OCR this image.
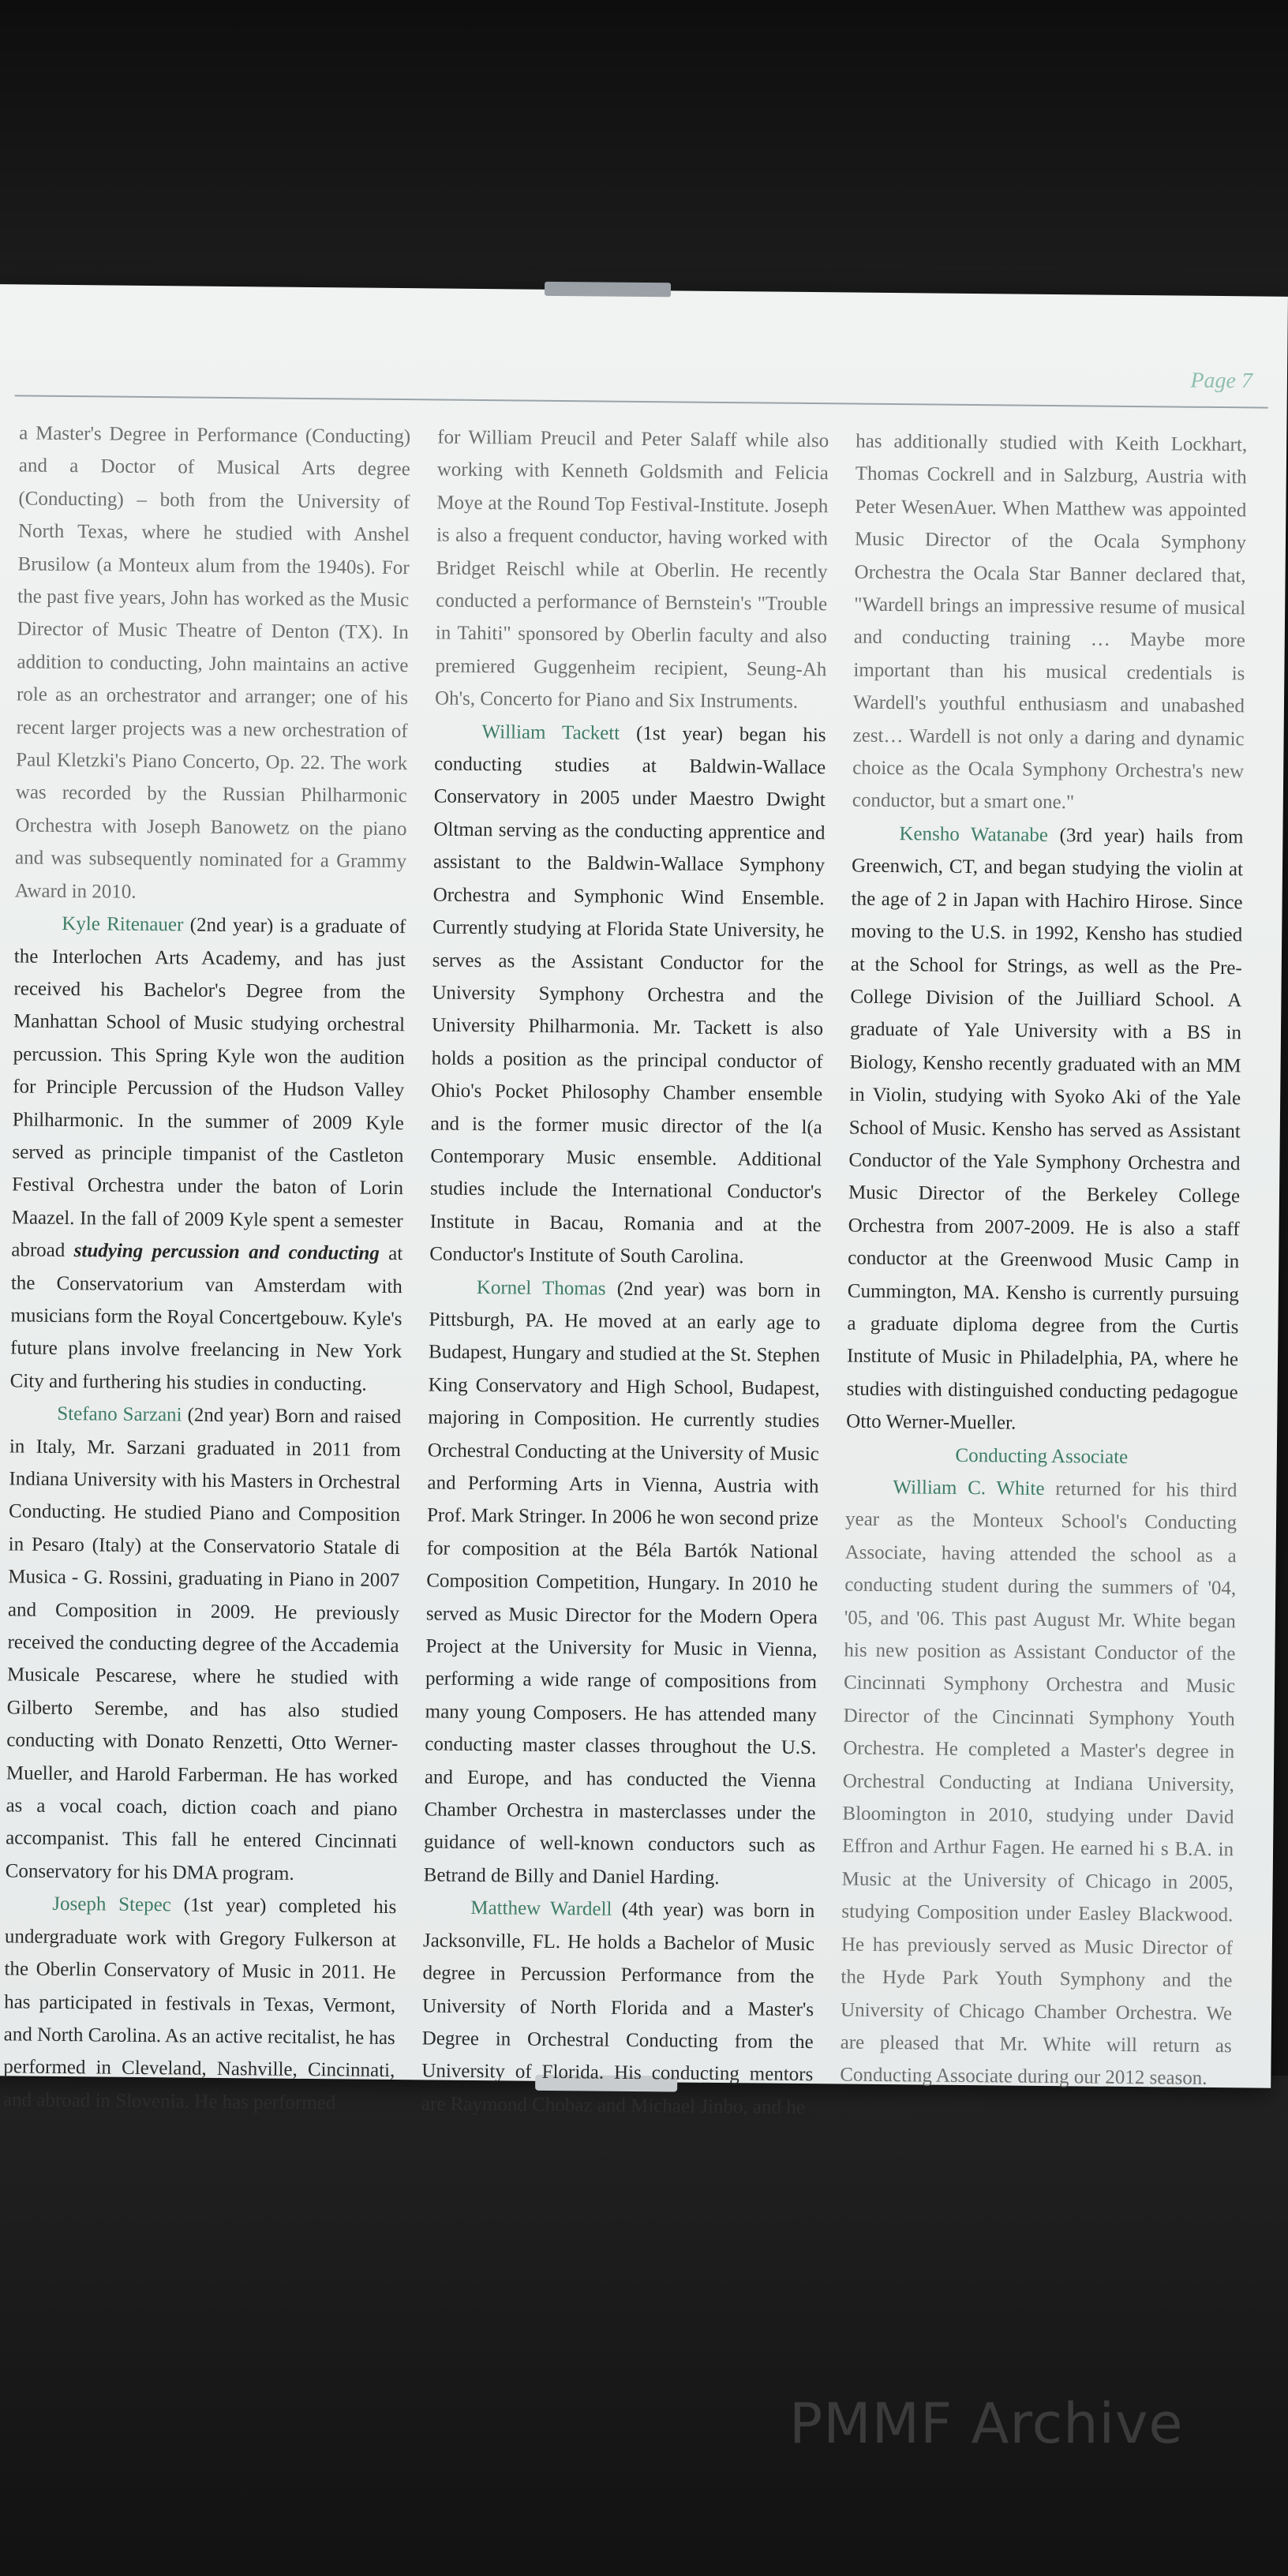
Page 7

a Master's Degree in Performance (Conducting) and a Doctor of Musical Arts degree (Conducting) – both from the University of North Texas, where he studied with Anshel Brusilow (a Monteux alum from the 1940s). For the past five years, John has worked as the Music Director of Music Theatre of Denton (TX). In addition to conducting, John maintains an active role as an orchestrator and arranger; one of his recent larger projects was a new orchestration of Paul Kletzki's Piano Concerto, Op. 22. The work was recorded by the Russian Philharmonic Orchestra with Joseph Banowetz on the piano and was subsequently nominated for a Grammy Award in 2010.

Kyle Ritenauer (2nd year) is a graduate of the Interlochen Arts Academy, and has just received his Bachelor's Degree from the Manhattan School of Music studying orchestral percussion. This Spring Kyle won the audition for Principle Percussion of the Hudson Valley Philharmonic. In the summer of 2009 Kyle served as principle timpanist of the Castleton Festival Orchestra under the baton of Lorin Maazel. In the fall of 2009 Kyle spent a semester abroad studying percussion and conducting at the Conservatorium van Amsterdam with musicians form the Royal Concertgebouw. Kyle's future plans involve freelancing in New York City and furthering his studies in conducting.

Stefano Sarzani (2nd year) Born and raised in Italy, Mr. Sarzani graduated in 2011 from Indiana University with his Masters in Orchestral Conducting. He studied Piano and Composition in Pesaro (Italy) at the Conservatorio Statale di Musica - G. Rossini, graduating in Piano in 2007 and Composition in 2009. He previously received the conducting degree of the Accademia Musicale Pescarese, where he studied with Gilberto Serembe, and has also studied conducting with Donato Renzetti, Otto Werner-Mueller, and Harold Farberman. He has worked as a vocal coach, diction coach and piano accompanist. This fall he entered Cincinnati Conservatory for his DMA program.

Joseph Stepec (1st year) completed his undergraduate work with Gregory Fulkerson at the Oberlin Conservatory of Music in 2011. He has participated in festivals in Texas, Vermont, and North Carolina. As an active recitalist, he has performed in Cleveland, Nashville, Cincinnati, and abroad in Slovenia. He has performed

for William Preucil and Peter Salaff while also working with Kenneth Goldsmith and Felicia Moye at the Round Top Festival-Institute. Joseph is also a frequent conductor, having worked with Bridget Reischl while at Oberlin. He recently conducted a performance of Bernstein's "Trouble in Tahiti" sponsored by Oberlin faculty and also premiered Guggenheim recipient, Seung-Ah Oh's, Concerto for Piano and Six Instruments.

William Tackett (1st year) began his conducting studies at Baldwin-Wallace Conservatory in 2005 under Maestro Dwight Oltman serving as the conducting apprentice and assistant to the Baldwin-Wallace Symphony Orchestra and Symphonic Wind Ensemble. Currently studying at Florida State University, he serves as the Assistant Conductor for the University Symphony Orchestra and the University Philharmonia. Mr. Tackett is also holds a position as the principal conductor of Ohio's Pocket Philosophy Chamber ensemble and is the former music director of the l(a Contemporary Music ensemble. Additional studies include the International Conductor's Institute in Bacau, Romania and at the Conductor's Institute of South Carolina.

Kornel Thomas (2nd year) was born in Pittsburgh, PA. He moved at an early age to Budapest, Hungary and studied at the St. Stephen King Conservatory and High School, Budapest, majoring in Composition. He currently studies Orchestral Conducting at the University of Music and Performing Arts in Vienna, Austria with Prof. Mark Stringer. In 2006 he won second prize for composition at the Béla Bartók National Composition Competition, Hungary. In 2010 he served as Music Director for the Modern Opera Project at the University for Music in Vienna, performing a wide range of compositions from many young Composers. He has attended many conducting master classes throughout the U.S. and Europe, and has conducted the Vienna Chamber Orchestra in masterclasses under the guidance of well-known conductors such as Betrand de Billy and Daniel Harding.

Matthew Wardell (4th year) was born in Jacksonville, FL. He holds a Bachelor of Music degree in Percussion Performance from the University of North Florida and a Master's Degree in Orchestral Conducting from the University of Florida. His conducting mentors are Raymond Chobaz and Michael Jinbo, and he

has additionally studied with Keith Lockhart, Thomas Cockrell and in Salzburg, Austria with Peter WesenAuer. When Matthew was appointed Music Director of the Ocala Symphony Orchestra the Ocala Star Banner declared that, "Wardell brings an impressive resume of musical and conducting training … Maybe more important than his musical credentials is Wardell's youthful enthusiasm and unabashed zest… Wardell is not only a daring and dynamic choice as the Ocala Symphony Orchestra's new conductor, but a smart one."

Kensho Watanabe (3rd year) hails from Greenwich, CT, and began studying the violin at the age of 2 in Japan with Hachiro Hirose. Since moving to the U.S. in 1992, Kensho has studied at the School for Strings, as well as the Pre-College Division of the Juilliard School. A graduate of Yale University with a BS in Biology, Kensho recently graduated with an MM in Violin, studying with Syoko Aki of the Yale School of Music. Kensho has served as Assistant Conductor of the Yale Symphony Orchestra and Music Director of the Berkeley College Orchestra from 2007-2009. He is also a staff conductor at the Greenwood Music Camp in Cummington, MA. Kensho is currently pursuing a graduate diploma degree from the Curtis Institute of Music in Philadelphia, PA, where he studies with distinguished conducting pedagogue Otto Werner-Mueller.

Conducting Associate

William C. White returned for his third year as the Monteux School's Conducting Associate, having attended the school as a conducting student during the summers of '04, '05, and '06. This past August Mr. White began his new position as Assistant Conductor of the Cincinnati Symphony Orchestra and Music Director of the Cincinnati Symphony Youth Orchestra. He completed a Master's degree in Orchestral Conducting at Indiana University, Bloomington in 2010, studying under David Effron and Arthur Fagen. He earned hi s B.A. in Music at the University of Chicago in 2005, studying Composition under Easley Blackwood. He has previously served as Music Director of the Hyde Park Youth Symphony and the University of Chicago Chamber Orchestra. We are pleased that Mr. White will return as Conducting Associate during our 2012 season.

PMMF Archive
